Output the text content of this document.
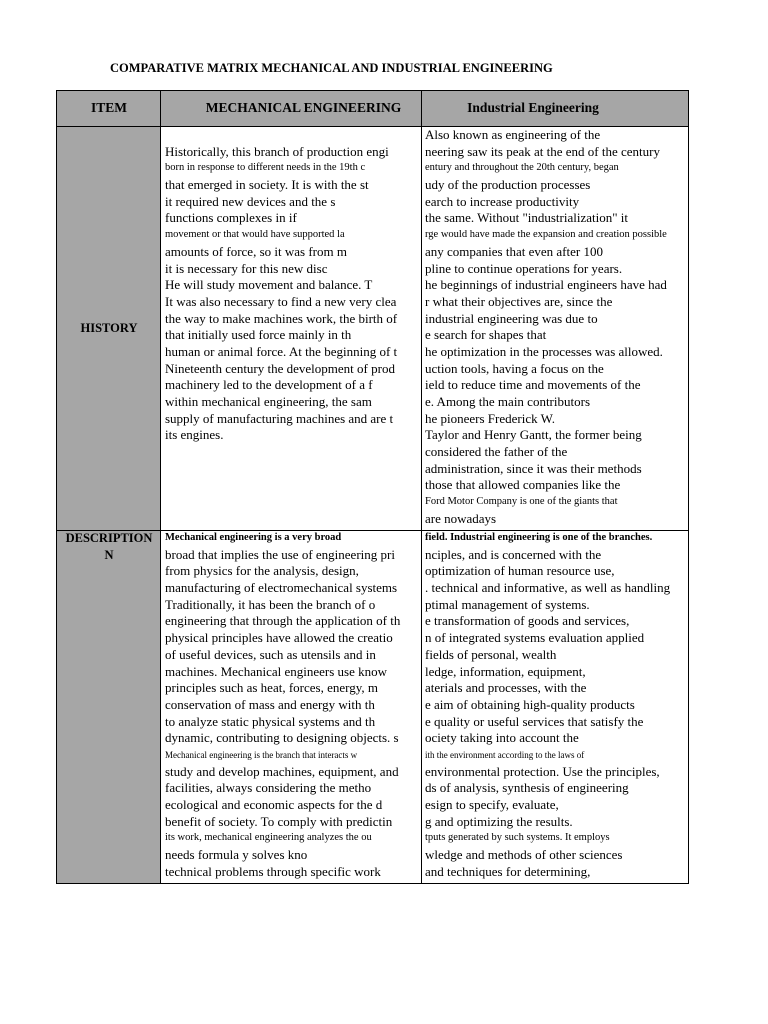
COMPARATIVE MATRIX MECHANICAL AND INDUSTRIAL ENGINEERING
ITEM	MECHANICAL ENGINEERING	Industrial Engineering
HISTORY
DESCRIPTION N
Historically, this branch of production engi
born in response to different needs in the 19th c
that emerged in society. It is with the st
it required new devices and the s
functions complexes in if
movement or that would have supported la
amounts of force, so it was from m
it is necessary for this new disc
He will study movement and balance. T
It was also necessary to find a new very clea
the way to make machines work, the birth of
that initially used force mainly in th
human or animal force. At the beginning of t
Nineteenth century the development of prod
machinery led to the development of a f
within mechanical engineering, the sam
supply of manufacturing machines and are t
its engines.
Also known as engineering of the
neering saw its peak at the end of the century
entury and throughout the 20th century, began
udy of the production processes
earch to increase productivity
the same. Without "industrialization" it
rge would have made the expansion and creation possible
any companies that even after 100
pline to continue operations for years.
he beginnings of industrial engineers have had
r what their objectives are, since the
industrial engineering was due to
e search for shapes that
he optimization in the processes was allowed.
uction tools, having a focus on the
ield to reduce time and movements of the
e. Among the main contributors
he pioneers Frederick W.
Taylor and Henry Gantt, the former being
considered the father of the
administration, since it was their methods
those that allowed companies like the
Ford Motor Company is one of the giants that
are nowadays
Mechanical engineering is a very broad
broad that implies the use of engineering pri
from physics for the analysis, design,
manufacturing of electromechanical systems
Traditionally, it has been the branch of o
engineering that through the application of th
physical principles have allowed the creatio
of useful devices, such as utensils and in
machines. Mechanical engineers use know
principles such as heat, forces, energy, m
conservation of mass and energy with th
to analyze static physical systems and th
dynamic, contributing to designing objects. s
Mechanical engineering is the branch that interacts w
study and develop machines, equipment, and
facilities, always considering the metho
ecological and economic aspects for the d
benefit of society. To comply with predictin
its work, mechanical engineering analyzes the ou
needs formula y solves kno
technical problems through specific work
field. Industrial engineering is one of the branches.
nciples, and is concerned with the
optimization of human resource use,
. technical and informative, as well as handling
ptimal management of systems.
e transformation of goods and services,
n of integrated systems evaluation applied
fields of personal, wealth
ledge, information, equipment,
aterials and processes, with the
e aim of obtaining high-quality products
e quality or useful services that satisfy the
ociety taking into account the
ith the environment according to the laws of
environmental protection. Use the principles,
ds of analysis, synthesis of engineering
esign to specify, evaluate,
g and optimizing the results.
tputs generated by such systems. It employs
wledge and methods of other sciences
and techniques for determining,
